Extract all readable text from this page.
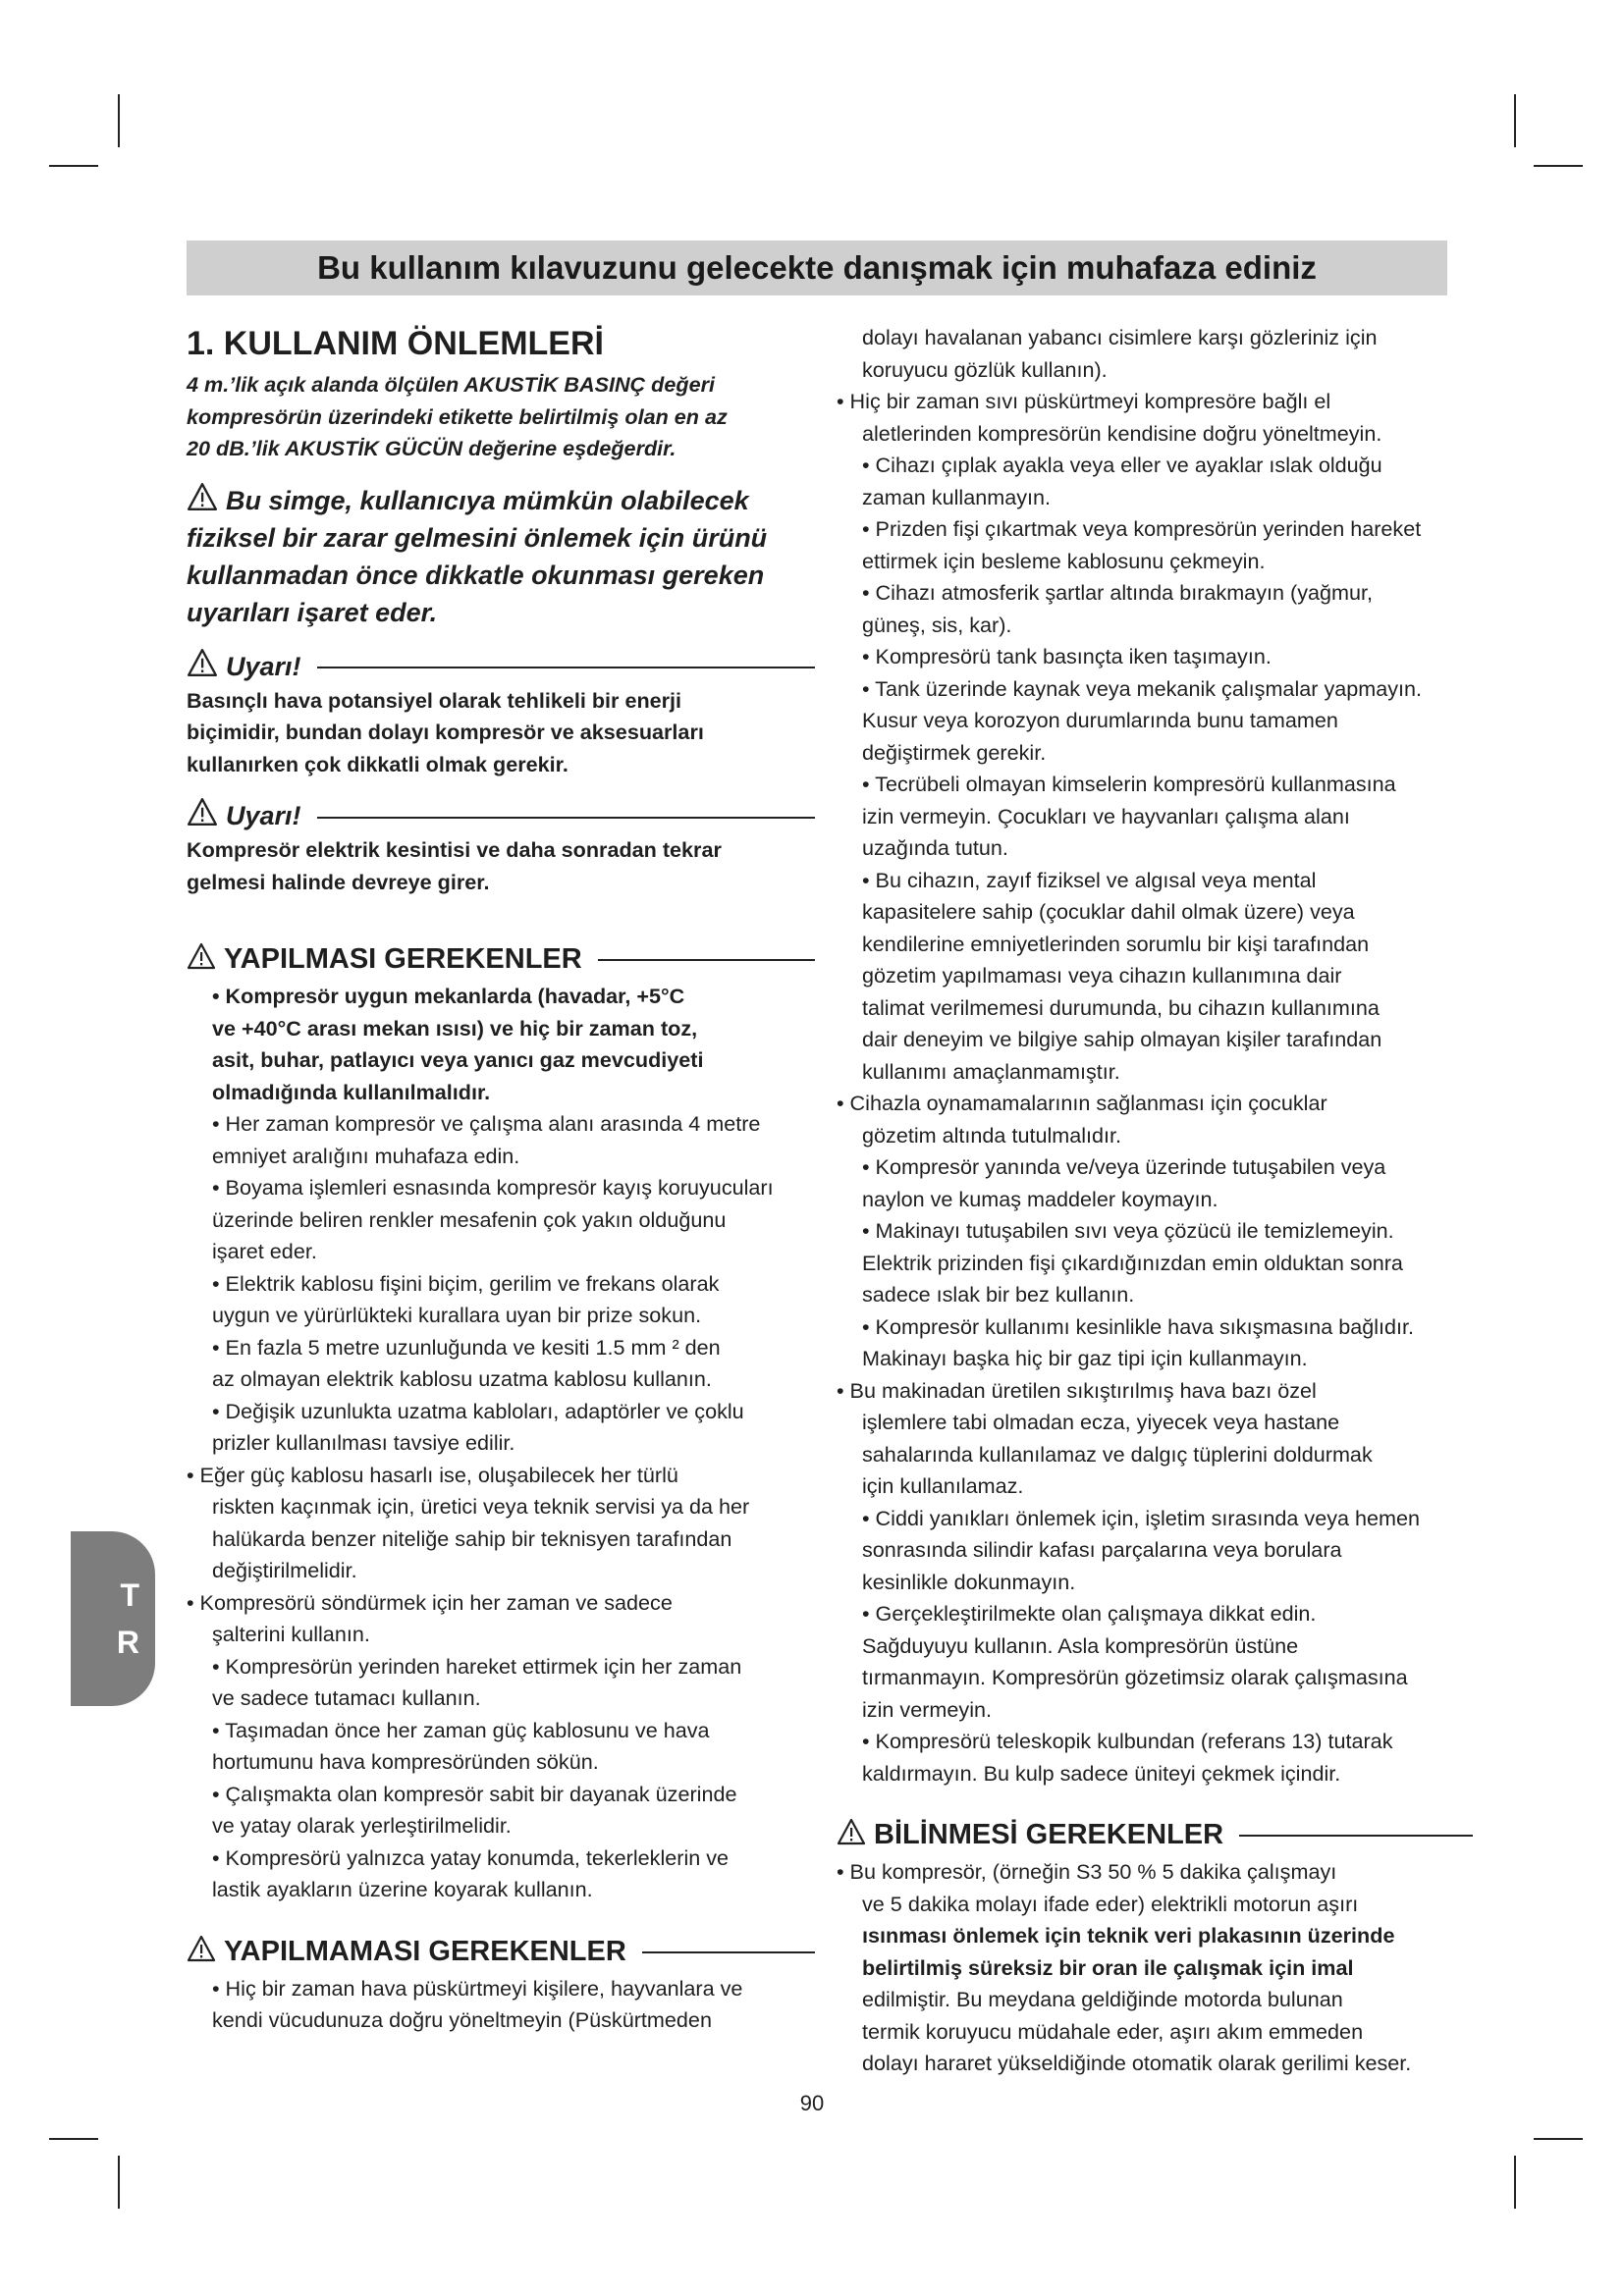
Bu kullanım kılavuzunu gelecekte danışmak için muhafaza ediniz

1. KULLANIM ÖNLEMLERİ

4 m.’lik açık alanda ölçülen AKUSTİK BASINÇ değeri

kompresörün üzerindeki etikette belirtilmiş olan en az

20 dB.’lik AKUSTİK GÜCÜN değerine eşdeğerdir.

Bu simge, kullanıcıya mümkün olabilecek

fiziksel bir zarar gelmesini önlemek için ürünü

kullanmadan önce dikkatle okunması gereken

uyarıları işaret eder.

Uyarı!

Basınçlı hava potansiyel olarak tehlikeli bir enerji

biçimidir, bundan dolayı kompresör ve aksesuarları

kullanırken çok dikkatli olmak gerekir.

Uyarı!

Kompresör elektrik kesintisi ve daha sonradan tekrar

gelmesi halinde devreye girer.

YAPILMASI GEREKENLER

• Kompresör uygun mekanlarda (havadar, +5°C

ve +40°C arası mekan ısısı) ve hiç bir zaman toz,

asit, buhar, patlayıcı veya yanıcı gaz mevcudiyeti

olmadığında kullanılmalıdır.

• Her zaman kompresör ve çalışma alanı arasında 4 metre

emniyet aralığını muhafaza edin.

• Boyama işlemleri esnasında kompresör kayış koruyucuları

üzerinde beliren renkler mesafenin çok yakın olduğunu

işaret eder.

• Elektrik kablosu fişini biçim, gerilim ve frekans olarak

uygun ve yürürlükteki kurallara uyan bir prize sokun.

• En fazla 5 metre uzunluğunda ve kesiti 1.5 mm ² den

az olmayan elektrik kablosu uzatma kablosu kullanın.

• Değişik uzunlukta uzatma kabloları, adaptörler ve çoklu

prizler kullanılması tavsiye edilir.

• Eğer güç kablosu hasarlı ise, oluşabilecek her türlü

riskten kaçınmak için, üretici veya teknik servisi ya da her

halükarda benzer niteliğe sahip bir teknisyen tarafından

değiştirilmelidir.

• Kompresörü söndürmek için her zaman ve sadece

şalterini kullanın.

• Kompresörün yerinden hareket ettirmek için her zaman

ve sadece tutamacı kullanın.

• Taşımadan önce her zaman güç kablosunu ve hava

hortumunu hava kompresöründen sökün.

• Çalışmakta olan kompresör sabit bir dayanak üzerinde

ve yatay olarak yerleştirilmelidir.

• Kompresörü yalnızca yatay konumda, tekerleklerin ve

lastik ayakların üzerine koyarak kullanın.

YAPILMAMASI GEREKENLER

• Hiç bir zaman hava püskürtmeyi kişilere, hayvanlara ve

kendi vücudunuza doğru yöneltmeyin (Püskürtmeden

dolayı havalanan yabancı cisimlere karşı gözleriniz için

koruyucu gözlük kullanın).

• Hiç bir zaman sıvı püskürtmeyi kompresöre bağlı el

aletlerinden kompresörün kendisine doğru yöneltmeyin.

• Cihazı çıplak ayakla veya eller ve ayaklar ıslak olduğu

zaman kullanmayın.

• Prizden fişi çıkartmak veya kompresörün yerinden hareket

ettirmek için besleme kablosunu çekmeyin.

• Cihazı atmosferik şartlar altında bırakmayın (yağmur,

güneş, sis, kar).

• Kompresörü tank basınçta iken taşımayın.

• Tank üzerinde kaynak veya mekanik çalışmalar yapmayın.

Kusur veya korozyon durumlarında bunu tamamen

değiştirmek gerekir.

• Tecrübeli olmayan kimselerin kompresörü kullanmasına

izin vermeyin. Çocukları ve hayvanları çalışma alanı

uzağında tutun.

• Bu cihazın, zayıf fiziksel ve algısal veya mental

kapasitelere sahip (çocuklar dahil olmak üzere) veya

kendilerine emniyetlerinden sorumlu bir kişi tarafından

gözetim yapılmaması veya cihazın kullanımına dair

talimat verilmemesi durumunda, bu cihazın kullanımına

dair deneyim ve bilgiye sahip olmayan kişiler tarafından

kullanımı amaçlanmamıştır.

• Cihazla oynamamalarının sağlanması için çocuklar

gözetim altında tutulmalıdır.

• Kompresör yanında ve/veya üzerinde tutuşabilen veya

naylon ve kumaş maddeler koymayın.

• Makinayı tutuşabilen sıvı veya çözücü ile temizlemeyin.

Elektrik prizinden fişi çıkardığınızdan emin olduktan sonra

sadece ıslak bir bez kullanın.

• Kompresör kullanımı kesinlikle hava sıkışmasına bağlıdır.

Makinayı başka hiç bir gaz tipi için kullanmayın.

• Bu makinadan üretilen sıkıştırılmış hava bazı özel

işlemlere tabi olmadan ecza, yiyecek veya hastane

sahalarında kullanılamaz ve dalgıç tüplerini doldurmak

için kullanılamaz.

• Ciddi yanıkları önlemek için, işletim sırasında veya hemen

sonrasında silindir kafası parçalarına veya borulara

kesinlikle dokunmayın.

• Gerçekleştirilmekte olan çalışmaya dikkat edin.

Sağduyuyu kullanın. Asla kompresörün üstüne

tırmanmayın. Kompresörün gözetimsiz olarak çalışmasına

izin vermeyin.

• Kompresörü teleskopik kulbundan (referans 13) tutarak

kaldırmayın. Bu kulp sadece üniteyi çekmek içindir.

BİLİNMESİ GEREKENLER

• Bu kompresör, (örneğin S3 50 % 5 dakika çalışmayı

ve 5 dakika molayı ifade eder) elektrikli motorun aşırı

ısınması önlemek için teknik veri plakasının üzerinde

belirtilmiş süreksiz bir oran ile çalışmak için imal

edilmiştir. Bu meydana geldiğinde motorda bulunan

termik koruyucu müdahale eder, aşırı akım emmeden

dolayı hararet yükseldiğinde otomatik olarak gerilimi keser.

T
R
90
